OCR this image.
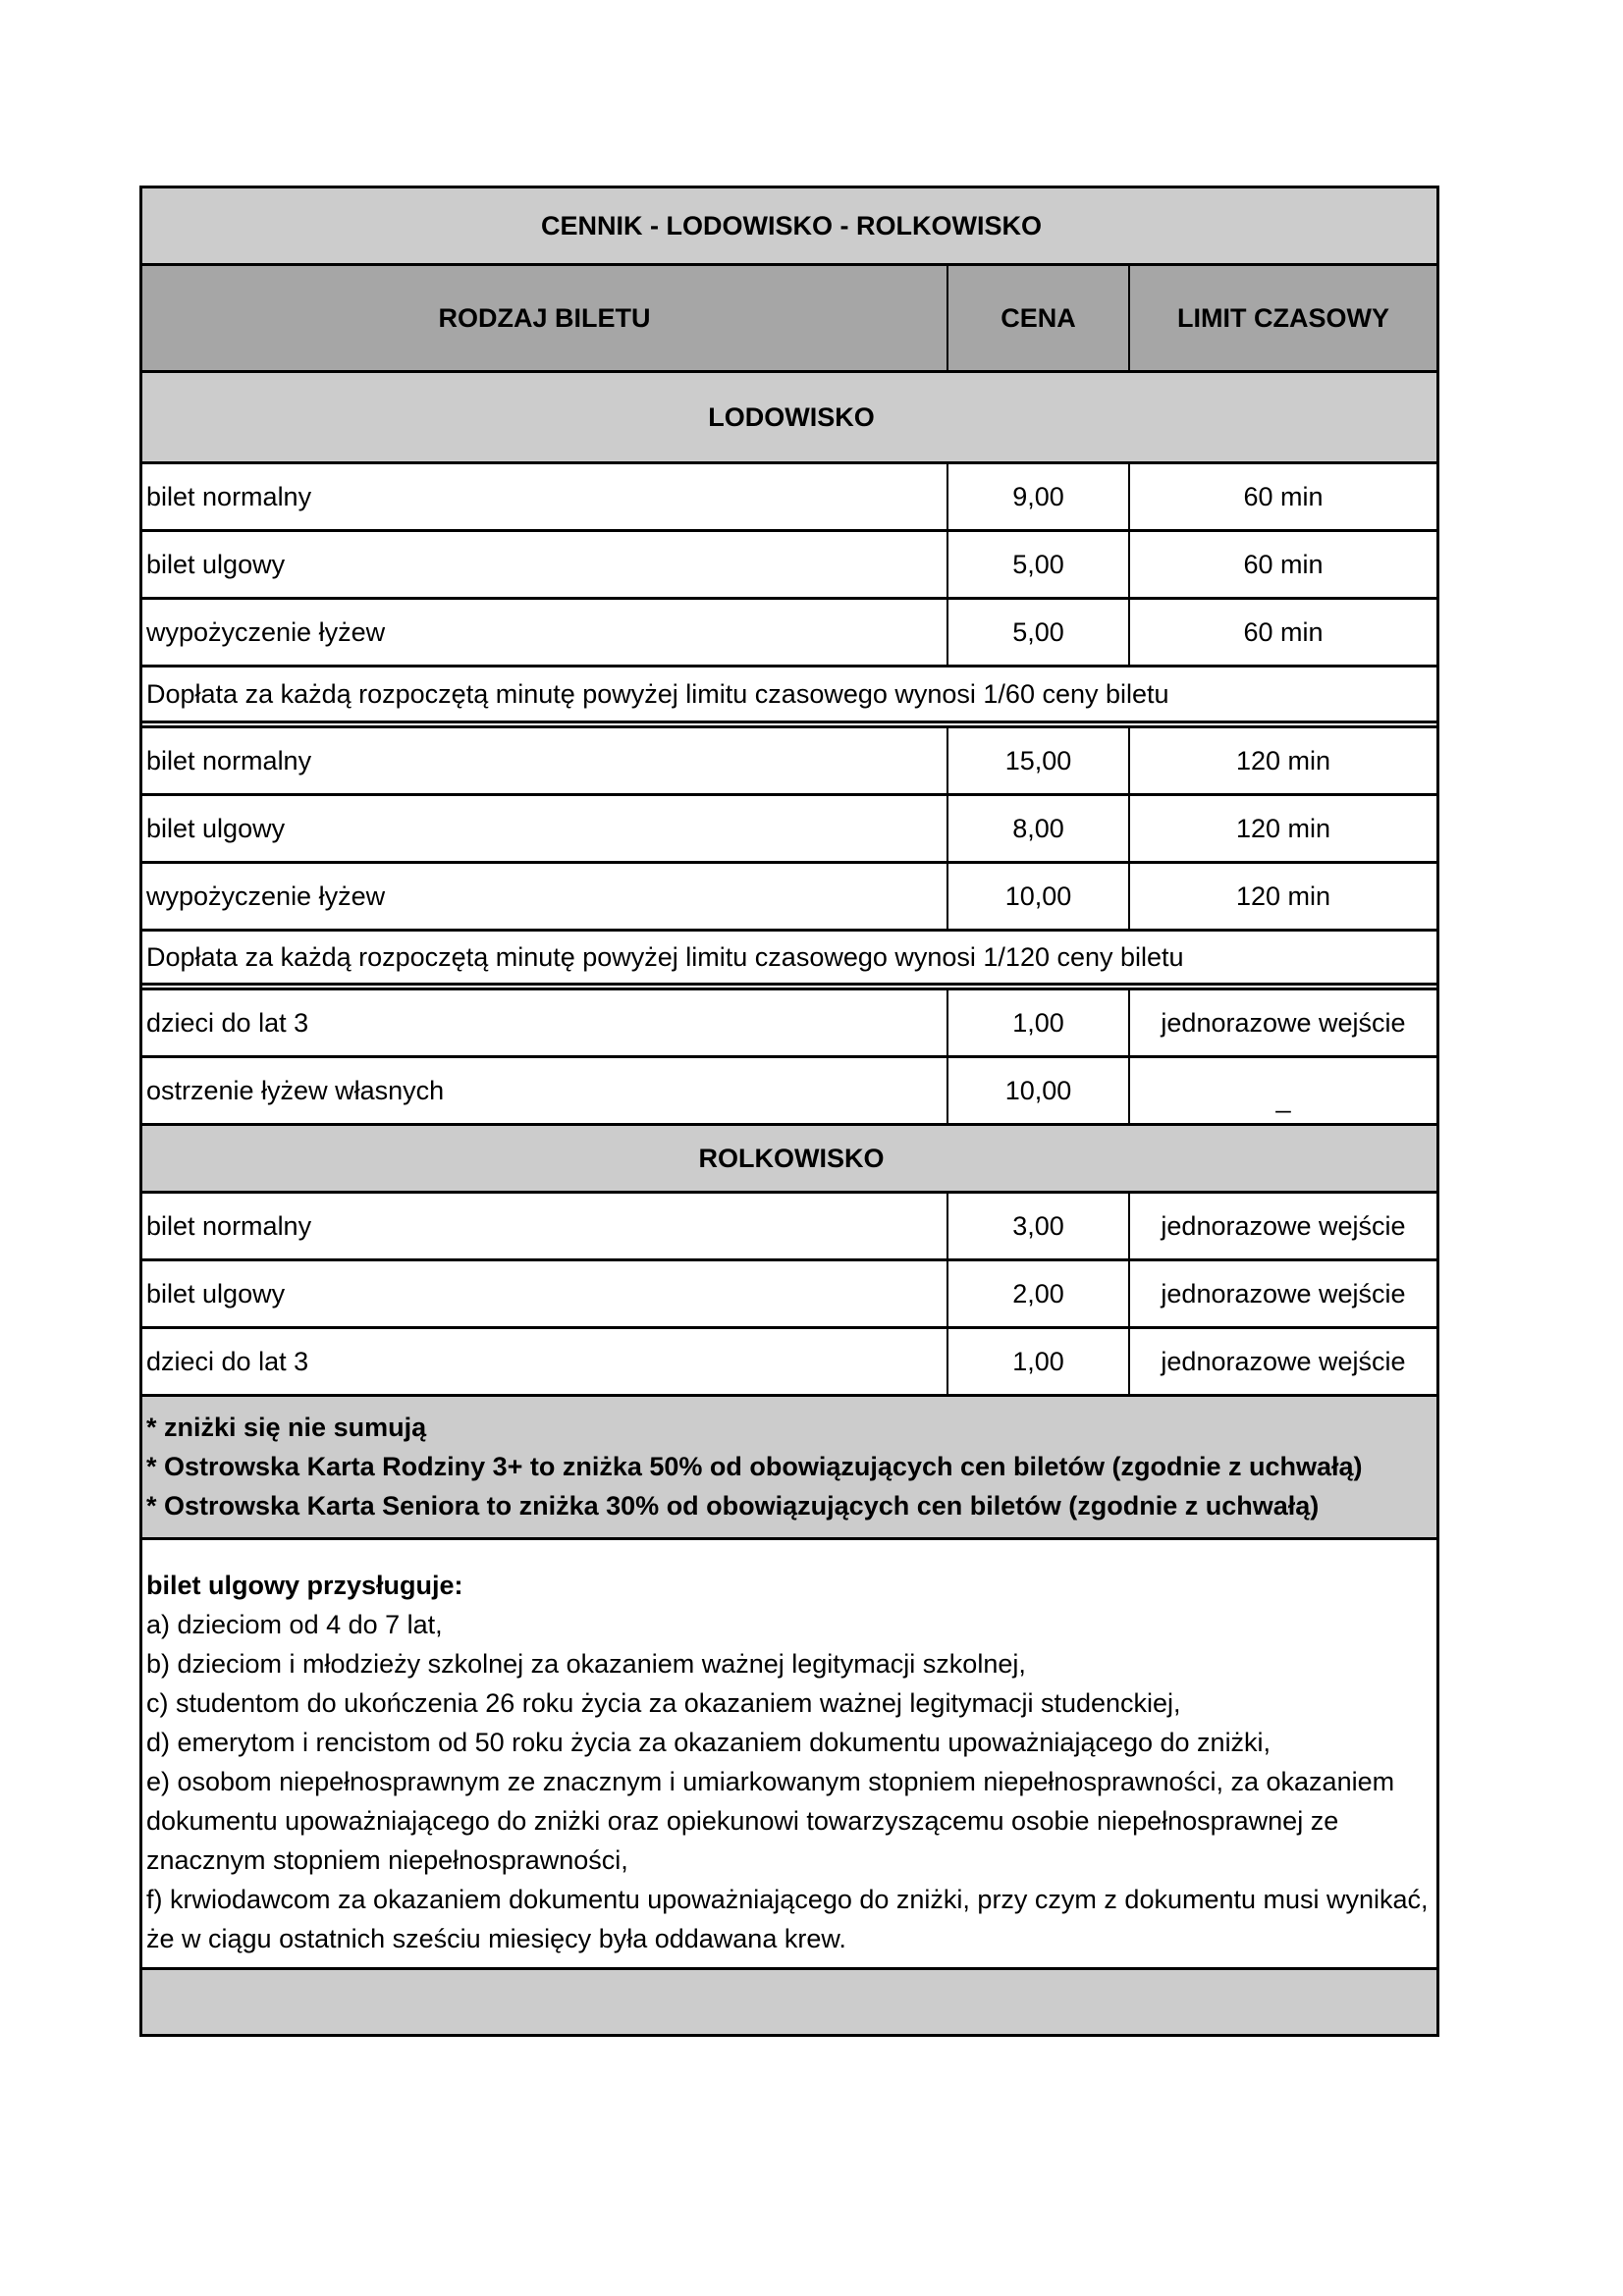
CENNIK - LODOWISKO - ROLKOWISKO
RODZAJ BILETU	CENA	LIMIT CZASOWY
LODOWISKO
bilet normalny	9,00	60 min
bilet ulgowy	5,00	60 min
wypożyczenie łyżew	5,00	60 min
Dopłata za każdą rozpoczętą minutę powyżej limitu czasowego wynosi 1/60 ceny biletu
bilet normalny	15,00	120 min
bilet ulgowy	8,00	120 min
wypożyczenie łyżew	10,00	120 min
Dopłata za każdą rozpoczętą minutę powyżej limitu czasowego wynosi 1/120 ceny biletu
dzieci do lat 3	1,00	jednorazowe wejście
ostrzenie łyżew własnych	10,00	_
ROLKOWISKO
bilet normalny	3,00	jednorazowe wejście
bilet ulgowy	2,00	jednorazowe wejście
dzieci do lat 3	1,00	jednorazowe wejście
* zniżki się nie sumują
* Ostrowska Karta Rodziny 3+ to zniżka 50% od obowiązujących cen biletów (zgodnie z uchwałą)
* Ostrowska Karta Seniora to zniżka 30% od obowiązujących cen biletów (zgodnie z uchwałą)
bilet ulgowy przysługuje:
a) dzieciom od 4 do 7 lat,
b) dzieciom i młodzieży szkolnej za okazaniem ważnej legitymacji szkolnej,
c) studentom do ukończenia 26 roku życia za okazaniem ważnej legitymacji studenckiej,
d) emerytom i rencistom od 50 roku życia za okazaniem dokumentu upoważniającego do zniżki,
e) osobom niepełnosprawnym ze znacznym i umiarkowanym stopniem niepełnosprawności, za okazaniem dokumentu upoważniającego do zniżki oraz opiekunowi towarzyszącemu osobie niepełnosprawnej ze znacznym stopniem niepełnosprawności,
f) krwiodawcom za okazaniem dokumentu upoważniającego do zniżki, przy czym z dokumentu musi wynikać, że w ciągu ostatnich sześciu miesięcy była oddawana krew.
